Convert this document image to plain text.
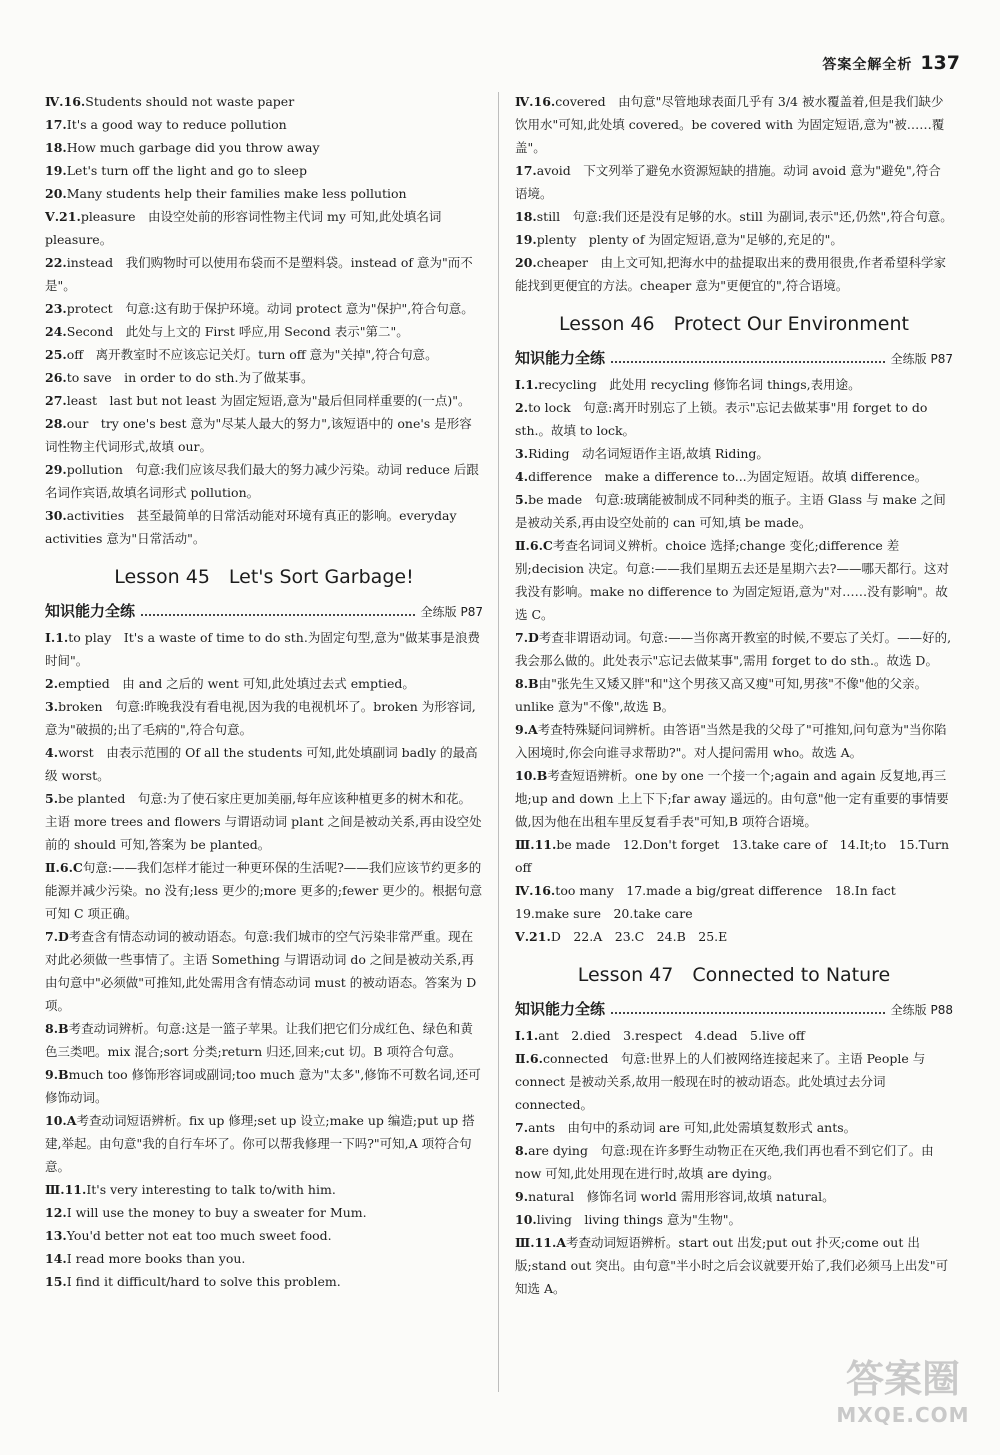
答案全解全析 137

Ⅳ.16.Students should not waste paper

17.It's a good way to reduce pollution

18.How much garbage did you throw away

19.Let's turn off the light and go to sleep

20.Many students help their families make less pollution

Ⅴ.21.pleasure　由设空处前的形容词性物主代词 my 可知,此处填名词 pleasure。

22.instead　我们购物时可以使用布袋而不是塑料袋。instead of 意为"而不是"。

23.protect　句意:这有助于保护环境。动词 protect 意为"保护",符合句意。

24.Second　此处与上文的 First 呼应,用 Second 表示"第二"。

25.off　离开教室时不应该忘记关灯。turn off 意为"关掉",符合句意。

26.to save　in order to do sth.为了做某事。

27.least　last but not least 为固定短语,意为"最后但同样重要的(一点)"。

28.our　try one's best 意为"尽某人最大的努力",该短语中的 one's 是形容词性物主代词形式,故填 our。

29.pollution　句意:我们应该尽我们最大的努力减少污染。动词 reduce 后跟名词作宾语,故填名词形式 pollution。

30.activities　甚至最简单的日常活动能对环境有真正的影响。everyday activities 意为"日常活动"。

Lesson 45　Let's Sort Garbage!
知识能力全练	全练版 P87

Ⅰ.1.to play　It's a waste of time to do sth.为固定句型,意为"做某事是浪费时间"。

2.emptied　由 and 之后的 went 可知,此处填过去式 emptied。

3.broken　句意:昨晚我没有看电视,因为我的电视机坏了。broken 为形容词,意为"破损的;出了毛病的",符合句意。

4.worst　由表示范围的 Of all the students 可知,此处填副词 badly 的最高级 worst。

5.be planted　句意:为了使石家庄更加美丽,每年应该种植更多的树木和花。主语 more trees and flowers 与谓语动词 plant 之间是被动关系,再由设空处前的 should 可知,答案为 be planted。

Ⅱ.6.C句意:——我们怎样才能过一种更环保的生活呢?——我们应该节约更多的能源并减少污染。no 没有;less 更少的;more 更多的;fewer 更少的。根据句意可知 C 项正确。

7.D考查含有情态动词的被动语态。句意:我们城市的空气污染非常严重。现在对此必须做一些事情了。主语 Something 与谓语动词 do 之间是被动关系,再由句意中"必须做"可推知,此处需用含有情态动词 must 的被动语态。答案为 D 项。

8.B考查动词辨析。句意:这是一篮子苹果。让我们把它们分成红色、绿色和黄色三类吧。mix 混合;sort 分类;return 归还,回来;cut 切。B 项符合句意。

9.Bmuch too 修饰形容词或副词;too much 意为"太多",修饰不可数名词,还可修饰动词。

10.A考查动词短语辨析。fix up 修理;set up 设立;make up 编造;put up 搭建,举起。由句意"我的自行车坏了。你可以帮我修理一下吗?"可知,A 项符合句意。

Ⅲ.11.It's very interesting to talk to/with him.

12.I will use the money to buy a sweater for Mum.

13.You'd better not eat too much sweet food.

14.I read more books than you.

15.I find it difficult/hard to solve this problem.

Ⅳ.16.covered　由句意"尽管地球表面几乎有 3/4 被水覆盖着,但是我们缺少饮用水"可知,此处填 covered。be covered with 为固定短语,意为"被……覆盖"。

17.avoid　下文列举了避免水资源短缺的措施。动词 avoid 意为"避免",符合语境。

18.still　句意:我们还是没有足够的水。still 为副词,表示"还,仍然",符合句意。

19.plenty　plenty of 为固定短语,意为"足够的,充足的"。

20.cheaper　由上文可知,把海水中的盐提取出来的费用很贵,作者希望科学家能找到更便宜的方法。cheaper 意为"更便宜的",符合语境。

Lesson 46　Protect Our Environment
知识能力全练	全练版 P87

Ⅰ.1.recycling　此处用 recycling 修饰名词 things,表用途。

2.to lock　句意:离开时别忘了上锁。表示"忘记去做某事"用 forget to do sth.。故填 to lock。

3.Riding　动名词短语作主语,故填 Riding。

4.difference　make a difference to...为固定短语。故填 difference。

5.be made　句意:玻璃能被制成不同种类的瓶子。主语 Glass 与 make 之间是被动关系,再由设空处前的 can 可知,填 be made。

Ⅱ.6.C考查名词词义辨析。choice 选择;change 变化;difference 差别;decision 决定。句意:——我们星期五去还是星期六去?——哪天都行。这对我没有影响。make no difference to 为固定短语,意为"对……没有影响"。故选 C。

7.D考查非谓语动词。句意:——当你离开教室的时候,不要忘了关灯。——好的,我会那么做的。此处表示"忘记去做某事",需用 forget to do sth.。故选 D。

8.B由"张先生又矮又胖"和"这个男孩又高又瘦"可知,男孩"不像"他的父亲。unlike 意为"不像",故选 B。

9.A考查特殊疑问词辨析。由答语"当然是我的父母了"可推知,问句意为"当你陷入困境时,你会向谁寻求帮助?"。对人提问需用 who。故选 A。

10.B考查短语辨析。one by one 一个接一个;again and again 反复地,再三地;up and down 上上下下;far away 遥远的。由句意"他一定有重要的事情要做,因为他在出租车里反复看手表"可知,B 项符合语境。

Ⅲ.11.be made　12.Don't forget　13.take care of　14.It;to　15.Turn off

Ⅳ.16.too many　17.made a big/great difference　18.In fact　19.make sure　20.take care

Ⅴ.21.D　22.A　23.C　24.B　25.E

Lesson 47　Connected to Nature
知识能力全练	全练版 P88

Ⅰ.1.ant　2.died　3.respect　4.dead　5.live off

Ⅱ.6.connected　句意:世界上的人们被网络连接起来了。主语 People 与 connect 是被动关系,故用一般现在时的被动语态。此处填过去分词 connected。

7.ants　由句中的系动词 are 可知,此处需填复数形式 ants。

8.are dying　句意:现在许多野生动物正在灭绝,我们再也看不到它们了。由 now 可知,此处用现在进行时,故填 are dying。

9.natural　修饰名词 world 需用形容词,故填 natural。

10.living　living things 意为"生物"。

Ⅲ.11.A考查动词短语辨析。start out 出发;put out 扑灭;come out 出版;stand out 突出。由句意"半小时之后会议就要开始了,我们必须马上出发"可知选 A。

答案圈
MXQE.COM
